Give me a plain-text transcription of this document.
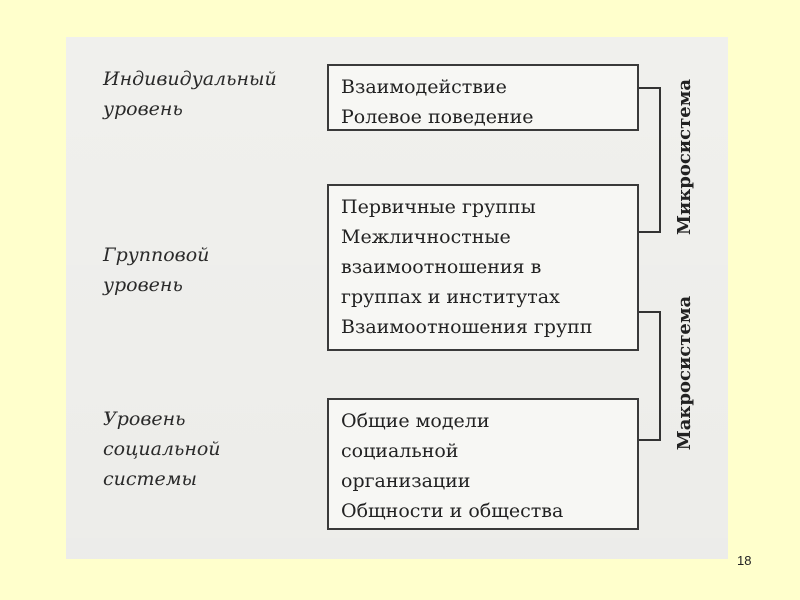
Индивидуальный
уровень
Групповой
уровень
Уровень
социальной
системы
Взаимодействие
Ролевое поведение
Первичные группы
Межличностные
взаимоотношения в
группах и институтах
Взаимоотношения групп
Общие модели
социальной
организации
Общности и общества
Микросистема
Макросистема
18
